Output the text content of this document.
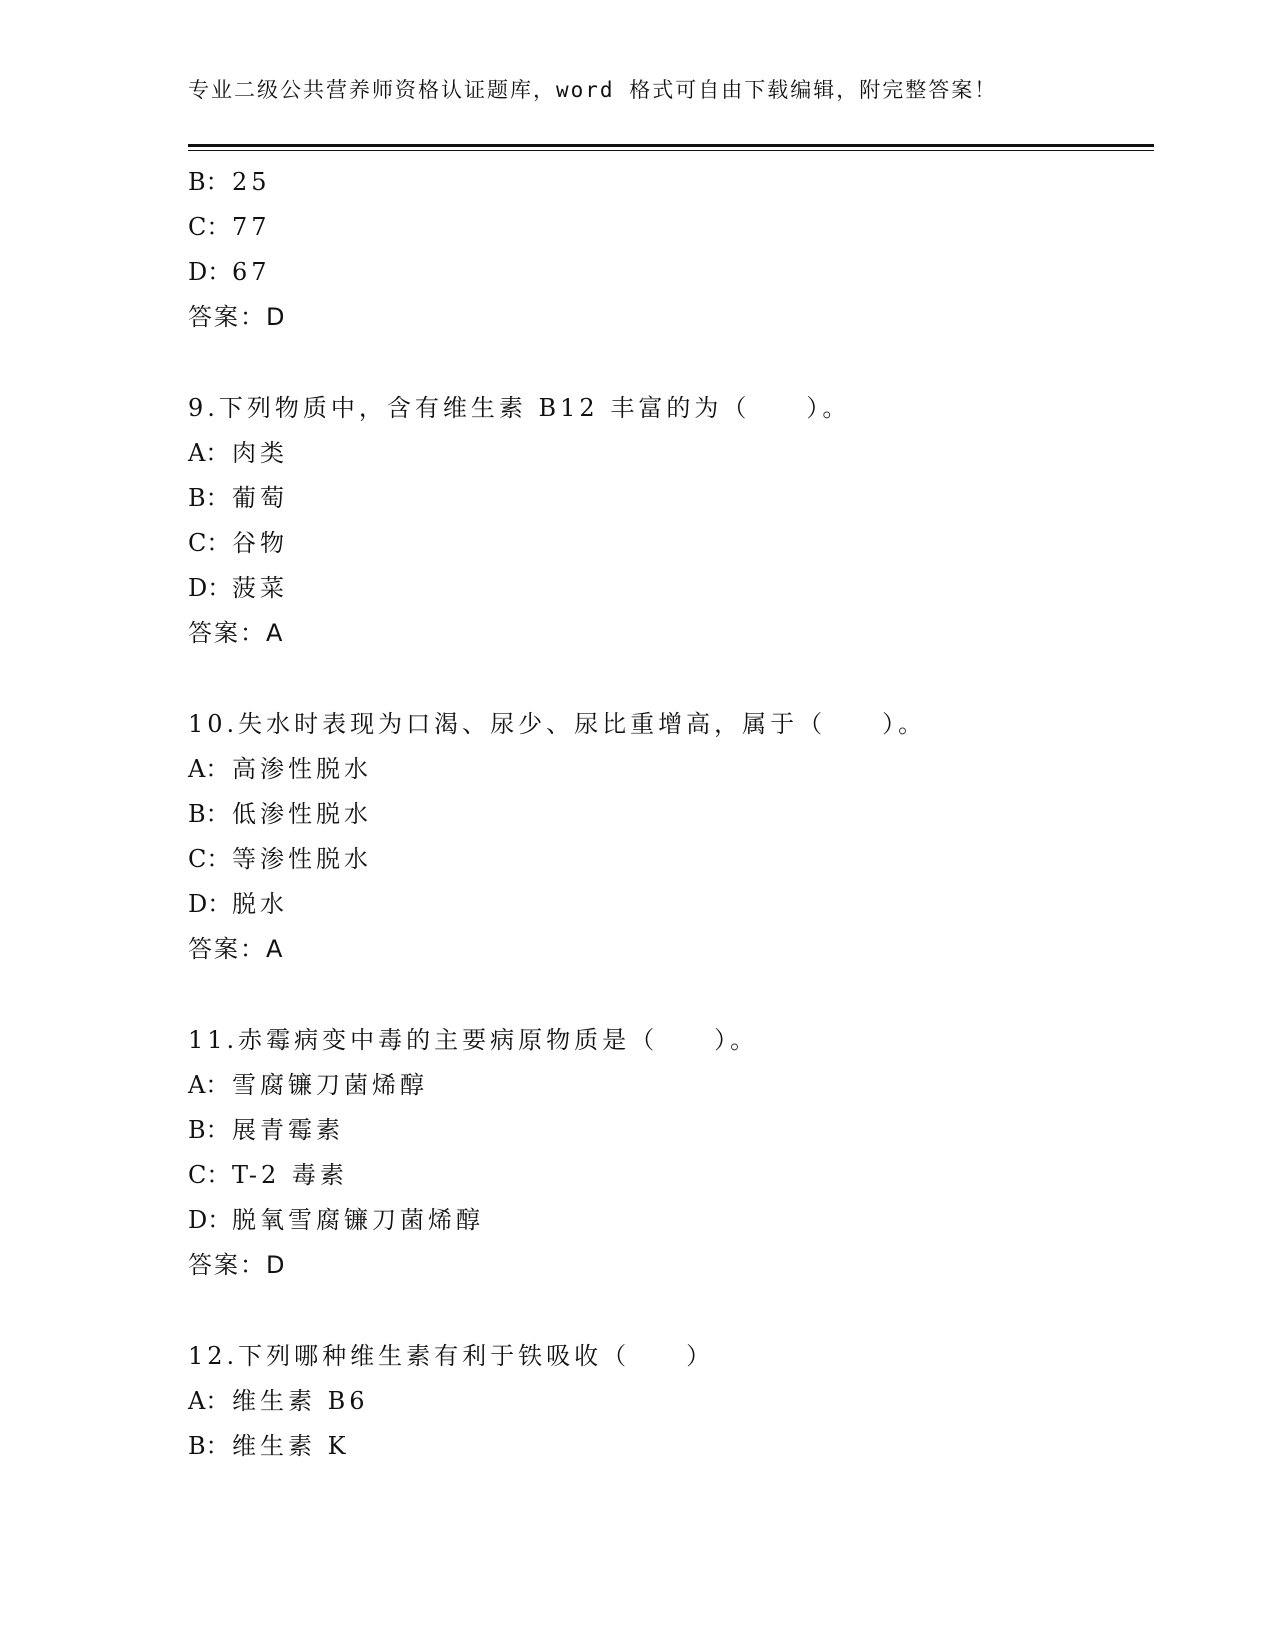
专业二级公共营养师资格认证题库，word 格式可自由下载编辑，附完整答案！
B：25
C：77
D：67
答案：D
9.下列物质中，含有维生素 B12 丰富的为（　　）。
A： 肉类
B：葡萄
C：谷物
D：菠菜
答案：A
10.失水时表现为口渴、尿少、尿比重增高，属于（　　）。
A： 高渗性脱水
B：低渗性脱水
C：等渗性脱水
D：脱水
答案：A
11.赤霉病变中毒的主要病原物质是（　　）。
A： 雪腐镰刀菌烯醇
B：展青霉素
C：T-2 毒素
D：脱氧雪腐镰刀菌烯醇
答案：D
12.下列哪种维生素有利于铁吸收（　　）
A： 维生素 B6
B：维生素 K
